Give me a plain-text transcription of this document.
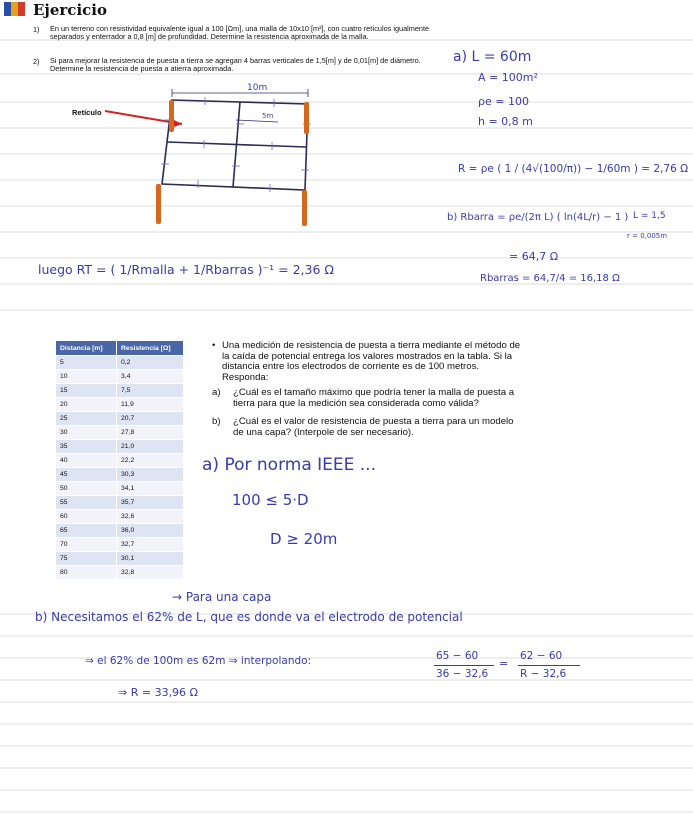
Ejercicio
1) En un terreno con resistividad equivalente igual a 100 [Ωm], una malla de 10x10 [m²], con cuatro retículos igualmente separados y enterrador a 0,8 [m] de profundidad. Determine la resistencia aproximada de la malla.
2) Si para mejorar la resistencia de puesta a tierra se agregan 4 barras verticales de 1,5[m] y de 0,01[m] de diámetro. Determine la resistencia de puesta a atierra aproximada.
Retículo
10m
5m
a) L = 60m
A = 100m²
ρe = 100
h = 0,8 m
R = ρe ( 1 / (4√(100/π)) − 1/60m ) = 2,76 Ω
b) Rbarra = ρe/(2π L) ( ln(4L/r) − 1 ) L = 1,5
r = 0,005m
= 64,7 Ω
Rbarras = 64,7/4 = 16,18 Ω
luego RT = ( 1/Rmalla + 1/Rbarras )⁻¹ = 2,36 Ω
Distancia [m]	Resistencia [Ω]
5	0,2
10	3,4
15	7,5
20	11,9
25	20,7
30	27,8
35	21,0
40	22,2
45	30,3
50	34,1
55	35,7
60	32,6
65	36,0
70	32,7
75	30,1
80	32,8
• Una medición de resistencia de puesta a tierra mediante el método de la caída de potencial entrega los valores mostrados en la tabla. Si la distancia entre los electrodos de corriente es de 100 metros. Responda:
a) ¿Cuál es el tamaño máximo que podría tener la malla de puesta a tierra para que la medición sea considerada como válida?
b) ¿Cuál es el valor de resistencia de puesta a tierra para un modelo de una capa? (Interpole de ser necesario).
a) Por norma IEEE ...
100 ≤ 5·D
D ≥ 20m
→ Para una capa
b) Necesitamos el 62% de L, que es donde va el electrodo de potencial
⇒ el 62% de 100m es 62m ⇒ interpolando:	65 − 60
36 − 32,6
=
62 − 60
R − 32,6
⇒ R = 33,96 Ω
